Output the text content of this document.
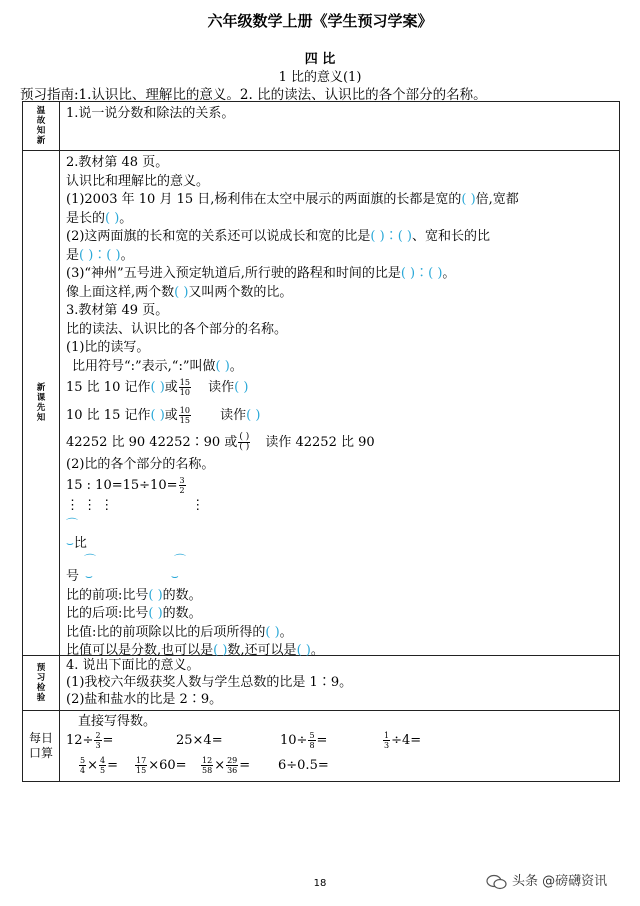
六年级数学上册《学生预习学案》
四 比
1 比的意义(1)
预习指南:1.认识比、理解比的意义。2. 比的读法、认识比的各个部分的名称。
温
故
知
新
1.说一说分数和除法的关系。
新
课
先
知
2.教材第 48 页。
认识比和理解比的意义。
(1)2003 年 10 月 15 日,杨利伟在太空中展示的两面旗的长都是宽的( )倍,宽都
是长的( )。
(2)这两面旗的长和宽的关系还可以说成长和宽的比是( )∶( )、宽和长的比
是( )∶( )。
(3)“神州”五号进入预定轨道后,所行驶的路程和时间的比是( )∶( )。
像上面这样,两个数( )又叫两个数的比。
3.教材第 49 页。
比的读法、认识比的各个部分的名称。
(1)比的读写。
比用符号“:”表示,“:”叫做( )。
15 比 10 记作( )或 $\frac{15}{10}$ 读作( )
10 比 15 记作( )或 $\frac{10}{15}$ 读作( )
42252 比 90 42252∶90 或 $\frac{( )}{( )}$ 读作 42252 比 90
(2)比的各个部分的名称。
15 : $10=15\div 10= \frac{3}{2}$
⋮ ⋮ ⋮	⋮
⌒
⌣比
⌒	⌒
号 ⌣	⌣
比的前项:比号( )的数。
比的后项:比号( )的数。
比值:比的前项除以比的后项所得的( )。
比值可以是分数,也可以是( )数,还可以是( )。
预
习
检
验
4. 说出下面比的意义。
(1)我校六年级获奖人数与学生总数的比是 1∶9。
(2)盐和盐水的比是 2∶9。
每日
口算
直接写得数。
$12\div \frac{2}{3}$ =	25×4=	$10\div \frac{5}{8}$ =	$\frac{1}{3} \div 4=$
$\frac{5}{4} \times \frac{4}{5} = \frac{17}{15} \times 60= \frac{12}{58} \times \frac{29}{36} = 6\div 0.5=$
18	头条 @磅礴资讯
